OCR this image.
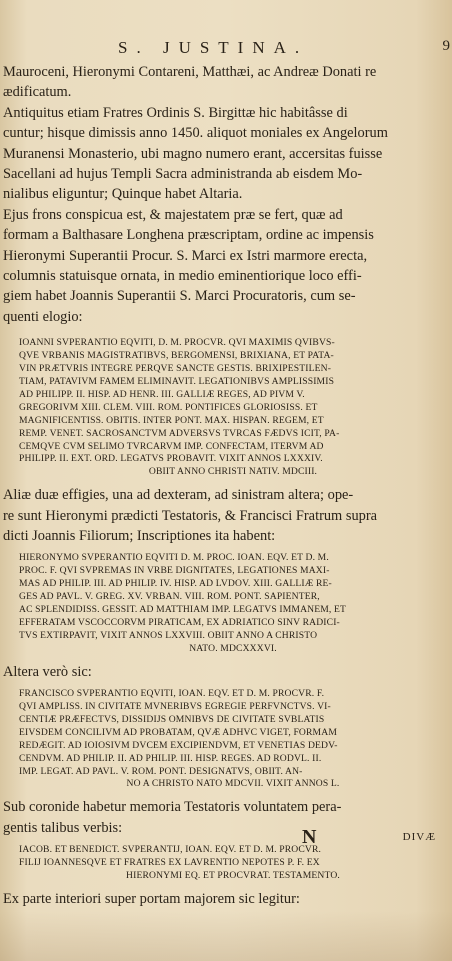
S. JUSTINA.	9

Mauroceni, Hieronymi Contareni, Matthæi, ac Andreæ Donati re
ædificatum.

Antiquitus etiam Fratres Ordinis S. Birgittæ hic habitâsse di
cuntur; hisque dimissis anno 1450. aliquot moniales ex Angelorum
Muranensi Monasterio, ubi magno numero erant, accersitas fuisse
Sacellani ad hujus Templi Sacra administranda ab eisdem Mo-
nialibus eliguntur; Quinque habet Altaria.

Ejus frons conspicua est, & majestatem præ se fert, quæ ad
formam a Balthasare Longhena præscriptam, ordine ac impensis
Hieronymi Superantii Procur. S. Marci ex Istri marmore erecta,
columnis statuisque ornata, in medio eminentiorique loco effi-
giem habet Joannis Superantii S. Marci Procuratoris, cum se-
quenti elogio:

IOANNI SVPERANTIO EQVITI, D. M. PROCVR. QVI MAXIMIS QVIBVS-
QVE VRBANIS MAGISTRATIBVS, BERGOMENSI, BRIXIANA, ET PATA-
VIN PRÆTVRIS INTEGRE PERQVE SANCTE GESTIS. BRIXIPESTILEN-
TIAM, PATAVIVM FAMEM ELIMINAVIT. LEGATIONIBVS AMPLISSIMIS
AD PHILIPP. II. HISP. AD HENR. III. GALLIÆ REGES, AD PIVM V.
GREGORIVM XIII. CLEM. VIII. ROM. PONTIFICES GLORIOSISS. ET
MAGNIFICENTISS. OBITIS. INTER PONT. MAX. HISPAN. REGEM, ET
REMP. VENET. SACROSANCTVM ADVERSVS TVRCAS FÆDVS ICIT, PA-
CEMQVE CVM SELIMO TVRCARVM IMP. CONFECTAM, ITERVM AD
PHILIPP. II. EXT. ORD. LEGATVS PROBAVIT. VIXIT ANNOS LXXXIV.
OBIIT ANNO CHRISTI NATIV. MDCIII.

Aliæ duæ effigies, una ad dexteram, ad sinistram altera; ope-
re sunt Hieronymi prædicti Testatoris, & Francisci Fratrum supra
dicti Joannis Filiorum; Inscriptiones ita habent:

HIERONYMO SVPERANTIO EQVITI D. M. PROC. IOAN. EQV. ET D. M.
PROC. F. QVI SVPREMAS IN VRBE DIGNITATES, LEGATIONES MAXI-
MAS AD PHILIP. III. AD PHILIP. IV. HISP. AD LVDOV. XIII. GALLIÆ RE-
GES AD PAVL. V. GREG. XV. VRBAN. VIII. ROM. PONT. SAPIENTER,
AC SPLENDIDISS. GESSIT. AD MATTHIAM IMP. LEGATVS IMMANEM, ET
EFFERATAM VSCOCCORVM PIRATICAM, EX ADRIATICO SINV RADICI-
TVS EXTIRPAVIT, VIXIT ANNOS LXXVIII. OBIIT ANNO A CHRISTO
NATO. MDCXXXVI.

Altera verò sic:

FRANCISCO SVPERANTIO EQVITI, IOAN. EQV. ET D. M. PROCVR. F.
QVI AMPLISS. IN CIVITATE MVNERIBVS EGREGIE PERFVNCTVS. VI-
CENTIÆ PRÆFECTVS, DISSIDIJS OMNIBVS DE CIVITATE SVBLATIS
EIVSDEM CONCILIVM AD PROBATAM, QVÆ ADHVC VIGET, FORMAM
REDÆGIT. AD IOIOSIVM DVCEM EXCIPIENDVM, ET VENETIAS DEDV-
CENDVM. AD PHILIP. II. AD PHILIP. III. HISP. REGES. AD RODVL. II.
IMP. LEGAT. AD PAVL. V. ROM. PONT. DESIGNATVS, OBIIT. AN-
NO A CHRISTO NATO MDCVII. VIXIT ANNOS L.

Sub coronide habetur memoria Testatoris voluntatem pera-
gentis talibus verbis:

IACOB. ET BENEDICT. SVPERANTIJ, IOAN. EQV. ET D. M. PROCVR.
FILIJ IOANNESQVE ET FRATRES EX LAVRENTIO NEPOTES P. F. EX
HIERONYMI EQ. ET PROCVRAT. TESTAMENTO.

Ex parte interiori super portam majorem sic legitur:

N	DIVÆ
